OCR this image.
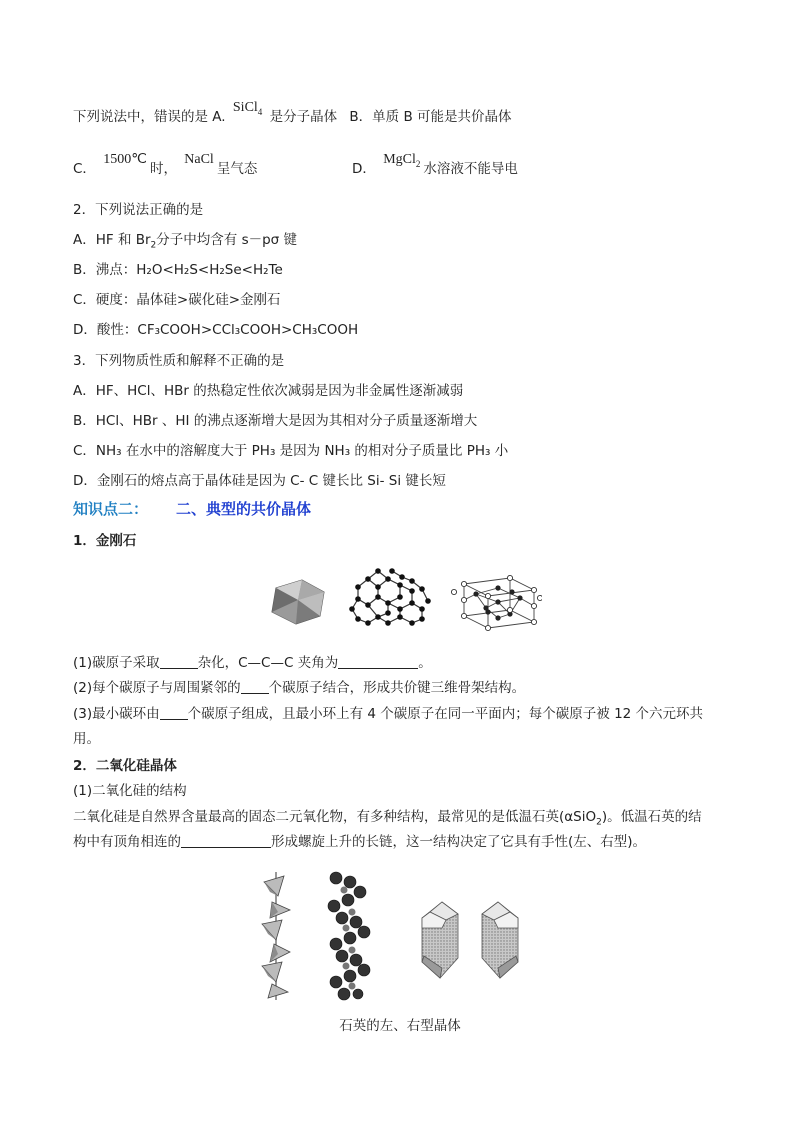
下列说法中，错误的是 A. SiCl$_4$ 是分子晶体 B．单质 B 可能是共价晶体
C． 1500℃时， NaCl呈气态	D． MgCl$_2$ 水溶液不能导电
2．下列说法正确的是
A．HF 和 $Br_2$分子中均含有 s－pσ 键
B．沸点：H₂O<H₂S<H₂Se<H₂Te
C．硬度：晶体硅>碳化硅>金刚石
D．酸性：CF₃COOH>CCl₃COOH>CH₃COOH
3．下列物质性质和解释不正确的是
A．HF、HCl、HBr 的热稳定性依次减弱是因为非金属性逐渐减弱
B．HCl、HBr 、HI 的沸点逐渐增大是因为其相对分子质量逐渐增大
C．NH₃ 在水中的溶解度大于 PH₃ 是因为 NH₃ 的相对分子质量比 PH₃ 小
D．金刚石的熔点高于晶体硅是因为 C- C 键长比 Si- Si 键长短
知识点二： 二、典型的共价晶体
1．金刚石
(1)碳原子采取	杂化，C—C—C 夹角为	。
(2)每个碳原子与周围紧邻的 个碳原子结合，形成共价键三维骨架结构。
(3)最小碳环由 个碳原子组成，且最小环上有 4 个碳原子在同一平面内；每个碳原子被 12 个六元环共
用。
2．二氧化硅晶体
(1)二氧化硅的结构
二氧化硅是自然界含量最高的固态二元氧化物，有多种结构，最常见的是低温石英(αSiO$_2$)。低温石英的结
构中有顶角相连的	形成螺旋上升的长链，这一结构决定了它具有手性(左、右型)。
石英的左、右型晶体
